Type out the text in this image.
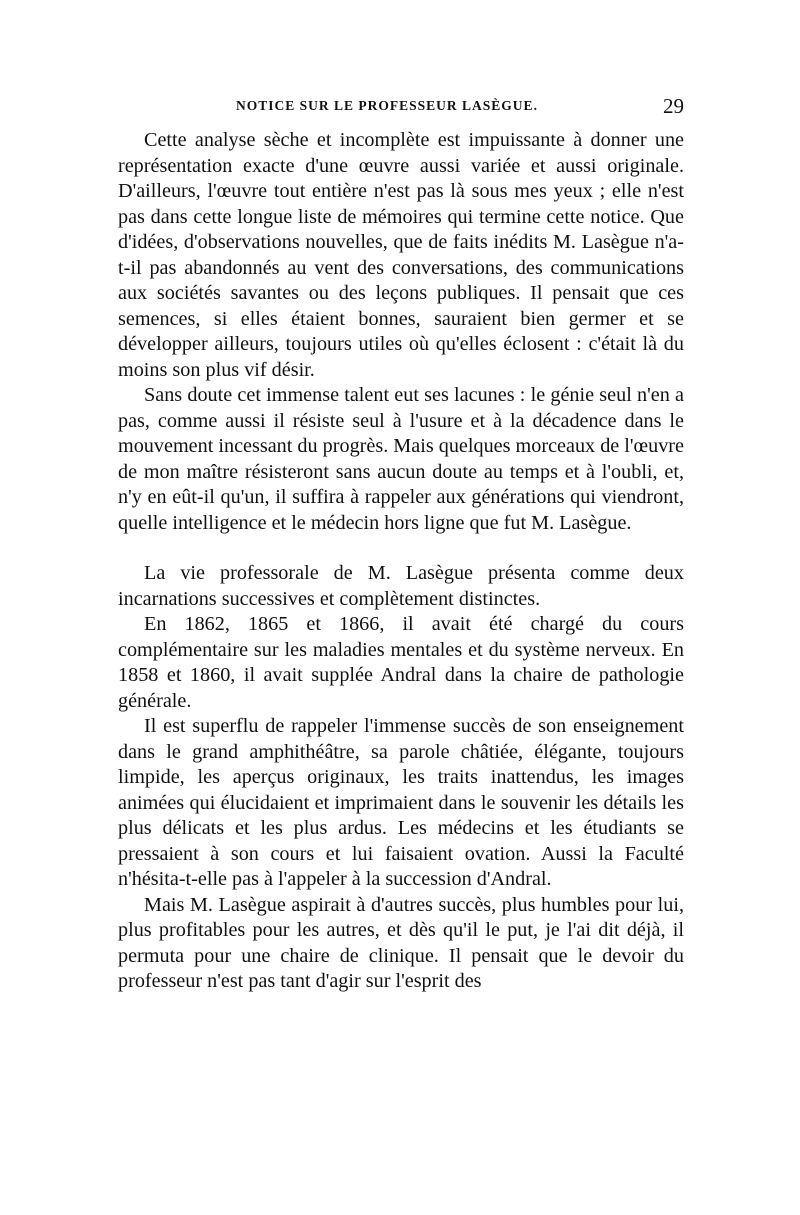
NOTICE SUR LE PROFESSEUR LASÈGUE.	29

Cette analyse sèche et incomplète est impuissante à donner une représentation exacte d'une œuvre aussi variée et aussi originale. D'ailleurs, l'œuvre tout entière n'est pas là sous mes yeux ; elle n'est pas dans cette longue liste de mémoires qui termine cette notice. Que d'idées, d'observations nouvelles, que de faits inédits M. Lasègue n'a-t-il pas abandonnés au vent des conversations, des communications aux sociétés savantes ou des leçons publiques. Il pensait que ces semences, si elles étaient bonnes, sauraient bien germer et se développer ailleurs, toujours utiles où qu'elles éclosent : c'était là du moins son plus vif désir.

Sans doute cet immense talent eut ses lacunes : le génie seul n'en a pas, comme aussi il résiste seul à l'usure et à la décadence dans le mouvement incessant du progrès. Mais quelques morceaux de l'œuvre de mon maître résisteront sans aucun doute au temps et à l'oubli, et, n'y en eût-il qu'un, il suffira à rappeler aux générations qui viendront, quelle intelligence et le médecin hors ligne que fut M. Lasègue.

La vie professorale de M. Lasègue présenta comme deux incarnations successives et complètement distinctes.

En 1862, 1865 et 1866, il avait été chargé du cours complémentaire sur les maladies mentales et du système nerveux. En 1858 et 1860, il avait supplée Andral dans la chaire de pathologie générale.

Il est superflu de rappeler l'immense succès de son enseignement dans le grand amphithéâtre, sa parole châtiée, élégante, toujours limpide, les aperçus originaux, les traits inattendus, les images animées qui élucidaient et imprimaient dans le souvenir les détails les plus délicats et les plus ardus. Les médecins et les étudiants se pressaient à son cours et lui faisaient ovation. Aussi la Faculté n'hésita-t-elle pas à l'appeler à la succession d'Andral.

Mais M. Lasègue aspirait à d'autres succès, plus humbles pour lui, plus profitables pour les autres, et dès qu'il le put, je l'ai dit déjà, il permuta pour une chaire de clinique. Il pensait que le devoir du professeur n'est pas tant d'agir sur l'esprit des
